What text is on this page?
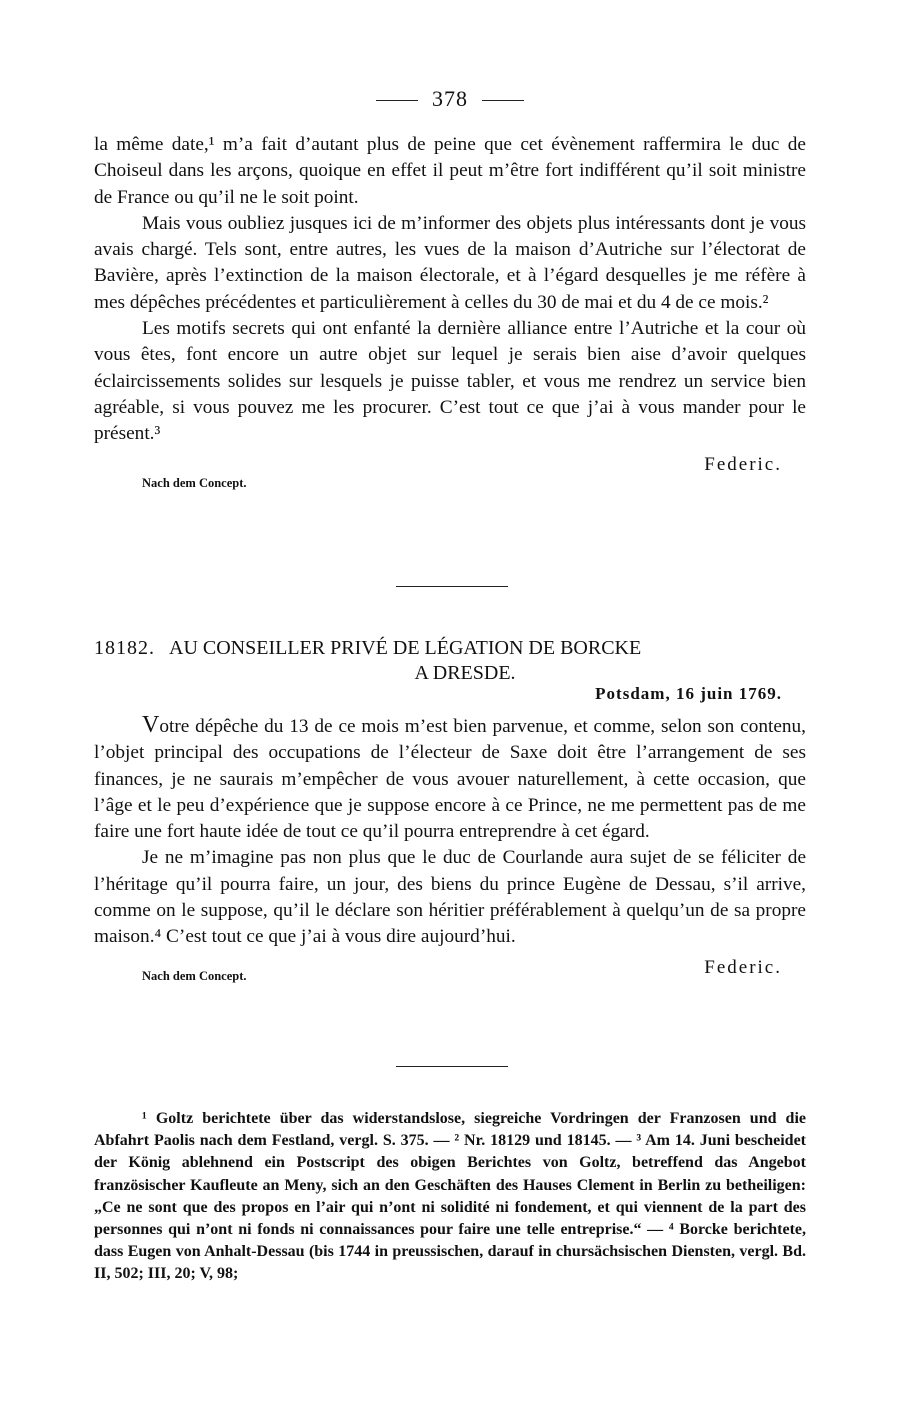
378

la même date,¹ m’a fait d’autant plus de peine que cet évènement raffermira le duc de Choiseul dans les arçons, quoique en effet il peut m’être fort indifférent qu’il soit ministre de France ou qu’il ne le soit point.

Mais vous oubliez jusques ici de m’informer des objets plus intéressants dont je vous avais chargé. Tels sont, entre autres, les vues de la maison d’Autriche sur l’électorat de Bavière, après l’extinction de la maison électorale, et à l’égard desquelles je me réfère à mes dépêches précédentes et particulièrement à celles du 30 de mai et du 4 de ce mois.²

Les motifs secrets qui ont enfanté la dernière alliance entre l’Autriche et la cour où vous êtes, font encore un autre objet sur lequel je serais bien aise d’avoir quelques éclaircissements solides sur lesquels je puisse tabler, et vous me rendrez un service bien agréable, si vous pouvez me les procurer. C’est tout ce que j’ai à vous mander pour le présent.³

Federic.
Nach dem Concept.
18182. AU CONSEILLER PRIVÉ DE LÉGATION DE BORCKE
A DRESDE.
Potsdam, 16 juin 1769.

Votre dépêche du 13 de ce mois m’est bien parvenue, et comme, selon son contenu, l’objet principal des occupations de l’électeur de Saxe doit être l’arrangement de ses finances, je ne saurais m’empêcher de vous avouer naturellement, à cette occasion, que l’âge et le peu d’expérience que je suppose encore à ce Prince, ne me permettent pas de me faire une fort haute idée de tout ce qu’il pourra entreprendre à cet égard.

Je ne m’imagine pas non plus que le duc de Courlande aura sujet de se féliciter de l’héritage qu’il pourra faire, un jour, des biens du prince Eugène de Dessau, s’il arrive, comme on le suppose, qu’il le déclare son héritier préférablement à quelqu’un de sa propre maison.⁴ C’est tout ce que j’ai à vous dire aujourd’hui.

Federic.
Nach dem Concept.

¹ Goltz berichtete über das widerstandslose, siegreiche Vordringen der Franzosen und die Abfahrt Paolis nach dem Festland, vergl. S. 375. — ² Nr. 18129 und 18145. — ³ Am 14. Juni bescheidet der König ablehnend ein Postscript des obigen Berichtes von Goltz, betreffend das Angebot französischer Kaufleute an Meny, sich an den Geschäften des Hauses Clement in Berlin zu betheiligen: „Ce ne sont que des propos en l’air qui n’ont ni solidité ni fondement, et qui viennent de la part des personnes qui n’ont ni fonds ni connaissances pour faire une telle entreprise.“ — ⁴ Borcke berichtete, dass Eugen von Anhalt-Dessau (bis 1744 in preussischen, darauf in chursächsischen Diensten, vergl. Bd. II, 502; III, 20; V, 98;
